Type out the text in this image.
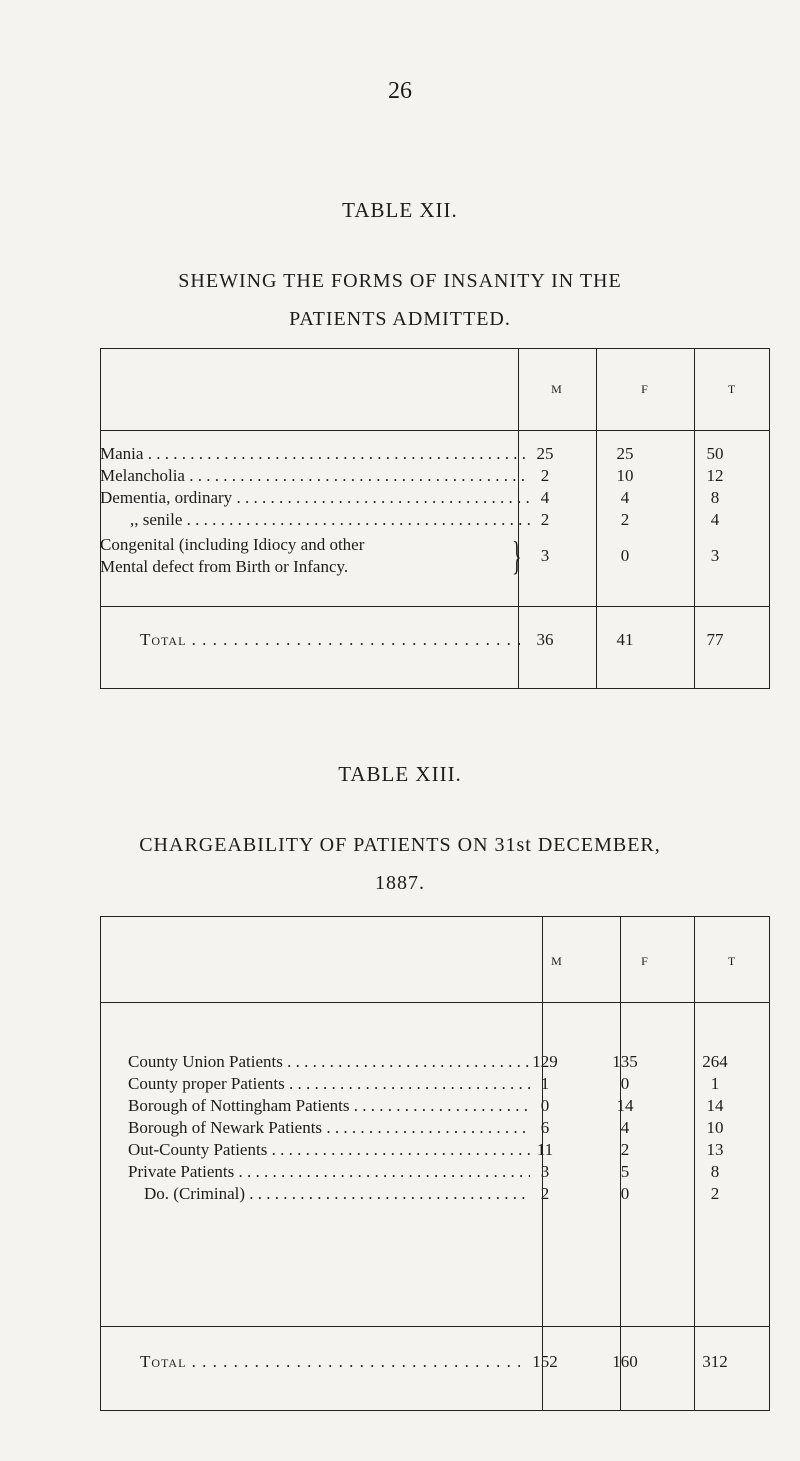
26
TABLE XII.
SHEWING THE FORMS OF INSANITY IN THE
PATIENTS ADMITTED.
M	F	T
Mania . . .	25	25	50
Melancholia . . .	2	10	12
Dementia, ordinary . . .	4	4	8
,, senile . . .	2	2	4
Congenital (including Idiocy and other
Mental defect from Birth or Infancy.	}	3	0	3
Total . . .	36	41	77
TABLE XIII.
CHARGEABILITY OF PATIENTS ON 31st DECEMBER,
1887.
M	F	T
County Union Patients . . .	129	135	264
County proper Patients . . .	1	0	1
Borough of Nottingham Patients . . .	0	14	14
Borough of Newark Patients . . .	6	4	10
Out-County Patients . . .	11	2	13
Private Patients . . .	3	5	8
Do. (Criminal) . . .	2	0	2
Total . . .	152	160	312
